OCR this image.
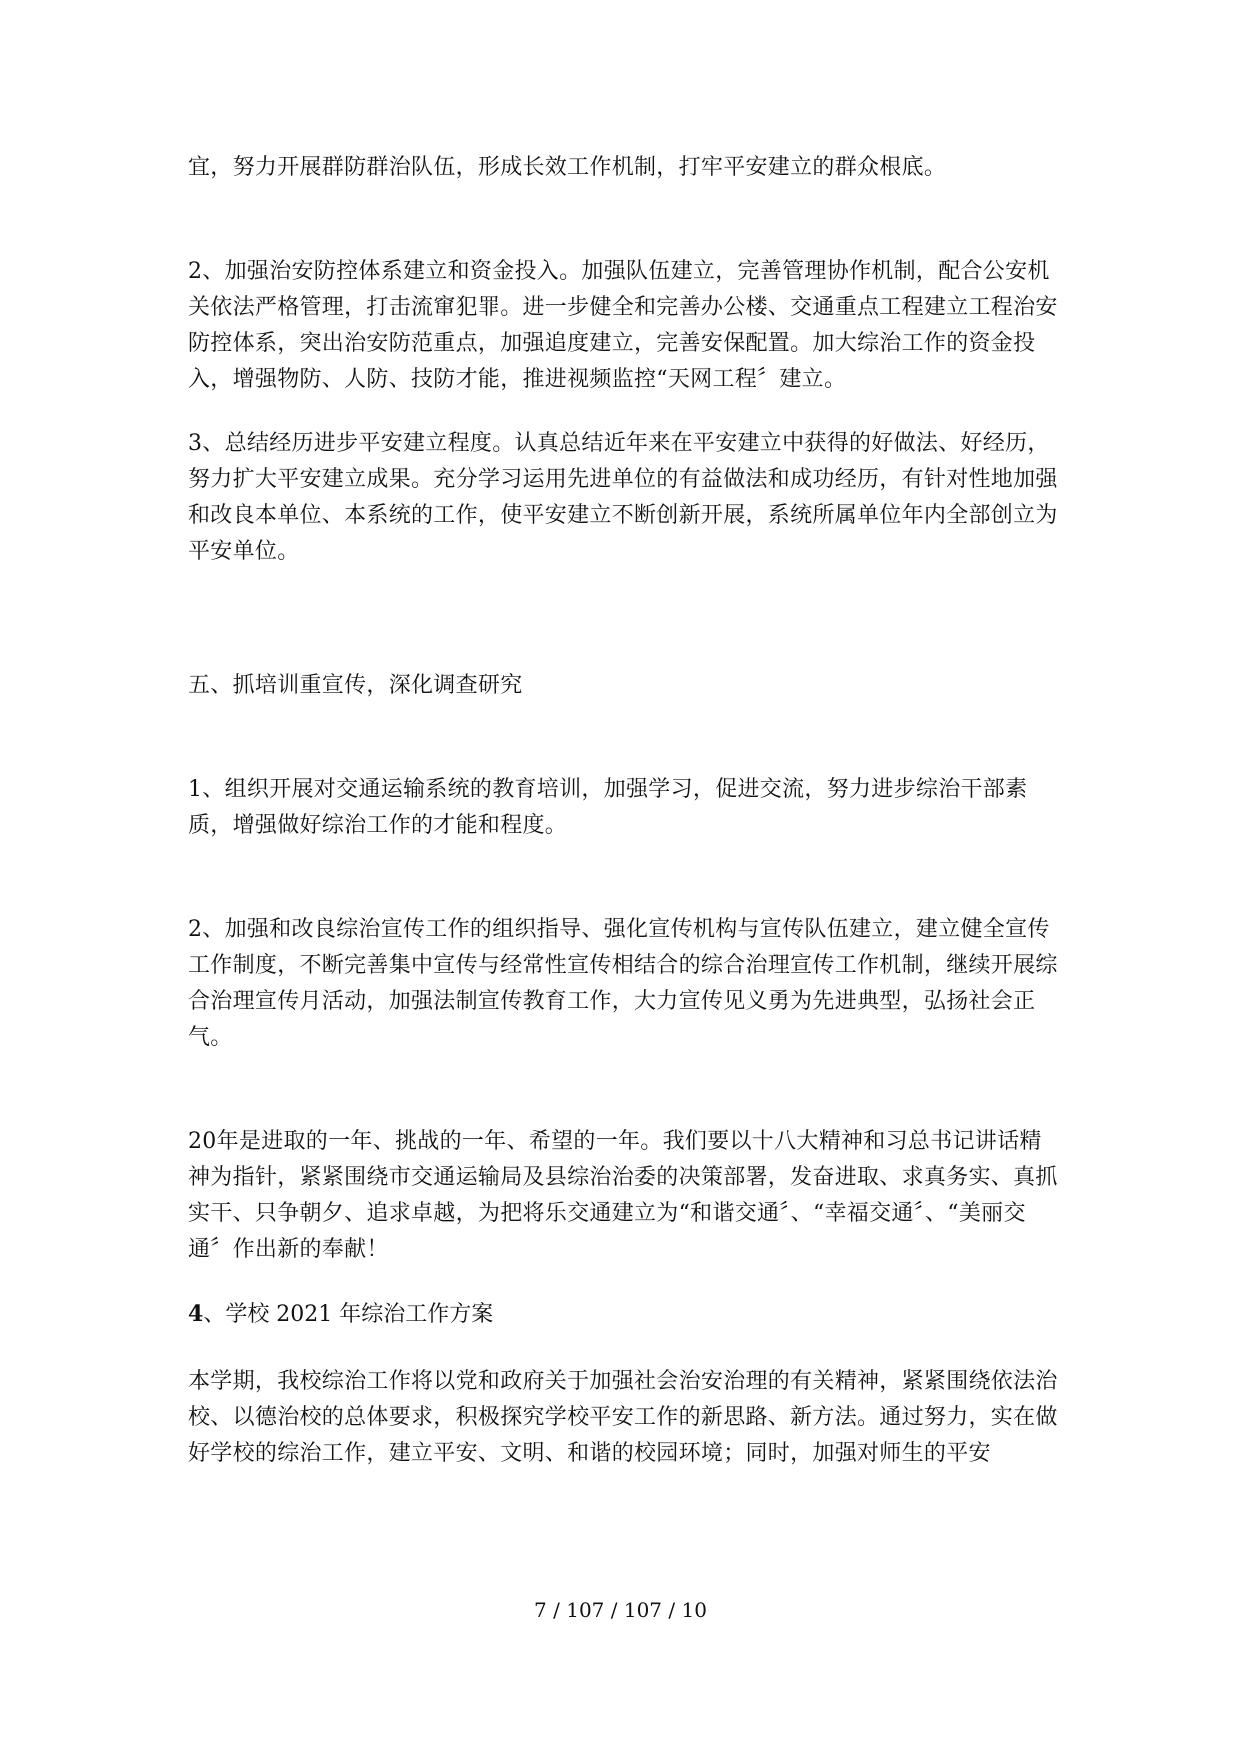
宜，努力开展群防群治队伍，形成长效工作机制，打牢平安建立的群众根底。

2、加强治安防控体系建立和资金投入。加强队伍建立，完善管理协作机制，配合公安机关依法严格管理，打击流窜犯罪。进一步健全和完善办公楼、交通重点工程建立工程治安防控体系，突出治安防范重点，加强追度建立，完善安保配置。加大综治工作的资金投入，增强物防、人防、技防才能，推进视频监控“天网工程〞建立。

3、总结经历进步平安建立程度。认真总结近年来在平安建立中获得的好做法、好经历，努力扩大平安建立成果。充分学习运用先进单位的有益做法和成功经历，有针对性地加强和改良本单位、本系统的工作，使平安建立不断创新开展，系统所属单位年内全部创立为平安单位。

五、抓培训重宣传，深化调查研究

1、组织开展对交通运输系统的教育培训，加强学习，促进交流，努力进步综治干部素质，增强做好综治工作的才能和程度。

2、加强和改良综治宣传工作的组织指导、强化宣传机构与宣传队伍建立，建立健全宣传工作制度，不断完善集中宣传与经常性宣传相结合的综合治理宣传工作机制，继续开展综合治理宣传月活动，加强法制宣传教育工作，大力宣传见义勇为先进典型，弘扬社会正气。

20年是进取的一年、挑战的一年、希望的一年。我们要以十八大精神和习总书记讲话精神为指针，紧紧围绕市交通运输局及县综治治委的决策部署，发奋进取、求真务实、真抓实干、只争朝夕、追求卓越，为把将乐交通建立为“和谐交通〞、“幸福交通〞、“美丽交通〞作出新的奉献！

4、学校 2021 年综治工作方案

本学期，我校综治工作将以党和政府关于加强社会治安治理的有关精神，紧紧围绕依法治校、以德治校的总体要求，积极探究学校平安工作的新思路、新方法。通过努力，实在做好学校的综治工作，建立平安、文明、和谐的校园环境；同时，加强对师生的平安

7 / 107 / 107 / 10
